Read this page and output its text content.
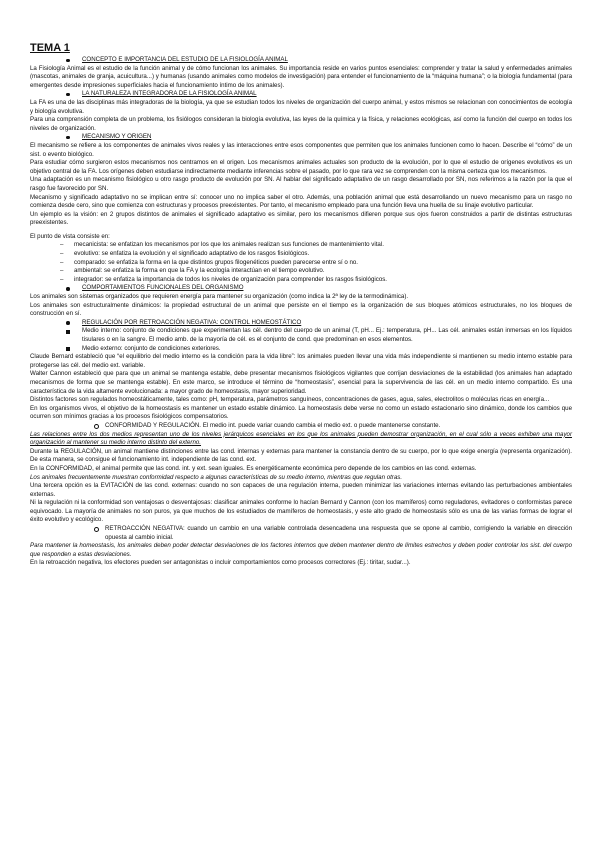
TEMA 1

CONCEPTO E IMPORTANCIA DEL ESTUDIO DE LA FISIOLOGÍA ANIMAL

La Fisiología Animal es el estudio de la función animal y de cómo funcionan los animales. Su importancia reside en varios puntos esenciales: comprender y tratar la salud y enfermedades animales (mascotas, animales de granja, acuicultura...) y humanas (usando animales como modelos de investigación) para entender el funcionamiento de la “máquina humana”; o la biología fundamental (para emergentes desde impresiones superficiales hacia el funcionamiento íntimo de los animales).

LA NATURALEZA INTEGRADORA DE LA FISIOLOGÍA ANIMAL

La FA es una de las disciplinas más integradoras de la biología, ya que se estudian todos los niveles de organización del cuerpo animal, y estos mismos se relacionan con conocimientos de ecología y biología evolutiva.

Para una comprensión completa de un problema, los fisiólogos consideran la biología evolutiva, las leyes de la química y la física, y relaciones ecológicas, así como la función del cuerpo en todos los niveles de organización.

MECANISMO Y ORIGEN

El mecanismo se refiere a los componentes de animales vivos reales y las interacciones entre esos componentes que permiten que los animales funcionen como lo hacen. Describe el “cómo” de un sist. o evento biológico.

Para estudiar cómo surgieron estos mecanismos nos centramos en el origen. Los mecanismos animales actuales son producto de la evolución, por lo que el estudio de orígenes evolutivos es un objetivo central de la FA. Los orígenes deben estudiarse indirectamente mediante inferencias sobre el pasado, por lo que rara vez se comprenden con la misma certeza que los mecanismos.

Una adaptación es un mecanismo fisiológico u otro rasgo producto de evolución por SN. Al hablar del significado adaptativo de un rasgo desarrollado por SN, nos referimos a la razón por la que el rasgo fue favorecido por SN.

Mecanismo y significado adaptativo no se implican entre sí: conocer uno no implica saber el otro. Además, una población animal que está desarrollando un nuevo mecanismo para un rasgo no comienza desde cero, sino que comienza con estructuras y procesos preexistentes. Por tanto, el mecanismo empleado para una función lleva una huella de su linaje evolutivo particular.

Un ejemplo es la visión: en 2 grupos distintos de animales el significado adaptativo es similar, pero los mecanismos difieren porque sus ojos fueron construidos a partir de distintas estructuras preexistentes.

El punto de vista consiste en:

– mecanicista: se enfatizan los mecanismos por los que los animales realizan sus funciones de mantenimiento vital.

– evolutivo: se enfatiza la evolución y el significado adaptativo de los rasgos fisiológicos.

– comparado: se enfatiza la forma en la que distintos grupos filogenéticos pueden parecerse entre sí o no.

– ambiental: se enfatiza la forma en que la FA y la ecología interactúan en el tiempo evolutivo.

– integrador: se enfatiza la importancia de todos los niveles de organización para comprender los rasgos fisiológicos.

COMPORTAMIENTOS FUNCIONALES DEL ORGANISMO

Los animales son sistemas organizados que requieren energía para mantener su organización (como indica la 2ª ley de la termodinámica).

Los animales son estructuralmente dinámicos: la propiedad estructural de un animal que persiste en el tiempo es la organización de sus bloques atómicos estructurales, no los bloques de construcción en sí.

REGULACIÓN POR RETROACCIÓN NEGATIVA: CONTROL HOMEOSTÁTICO

Medio interno: conjunto de condiciones que experimentan las cél. dentro del cuerpo de un animal (T, pH... Ej.: temperatura, pH... Las cél. animales están inmersas en los líquidos tisulares o en la sangre. El medio amb. de la mayoría de cél. es el conjunto de cond. que predominan en esos elementos.

Medio externo: conjunto de condiciones exteriores.

Claude Bernard estableció que “el equilibrio del medio interno es la condición para la vida libre”: los animales pueden llevar una vida más independiente si mantienen su medio interno estable para protegerse las cél. del medio ext. variable.

Walter Cannon estableció que para que un animal se mantenga estable, debe presentar mecanismos fisiológicos vigilantes que corrijan desviaciones de la estabilidad (los animales han adaptado mecanismos de forma que se mantenga estable). En este marco, se introduce el término de “homeostasis”, esencial para la supervivencia de las cél. en un medio interno compartido. Es una característica de la vida altamente evolucionada: a mayor grado de homeostasis, mayor superioridad.

Distintos factores son regulados homeostáticamente, tales como: pH, temperatura, parámetros sanguíneos, concentraciones de gases, agua, sales, electrolitos o moléculas ricas en energía...

En los organismos vivos, el objetivo de la homeostasis es mantener un estado estable dinámico. La homeostasis debe verse no como un estado estacionario sino dinámico, donde los cambios que ocurren son mínimos gracias a los procesos fisiológicos compensatorios.

CONFORMIDAD Y REGULACIÓN. El medio int. puede variar cuando cambia el medio ext. o puede mantenerse constante.

Las relaciones entre los dos medios representan uno de los niveles jerárquicos esenciales en los que los animales pueden demostrar organización, en el cual sólo a veces exhiben una mayor organización al mantener su medio interno distinto del externo.

Durante la REGULACIÓN, un animal mantiene distinciones entre las cond. internas y externas para mantener la constancia dentro de su cuerpo, por lo que exige energía (representa organización). De esta manera, se consigue el funcionamiento int. independiente de las cond. ext.

En la CONFORMIDAD, el animal permite que las cond. int. y ext. sean iguales. Es energéticamente económica pero depende de los cambios en las cond. externas.

Los animales frecuentemente muestran conformidad respecto a algunas características de su medio interno, mientras que regulan otras.

Una tercera opción es la EVITACIÓN de las cond. externas: cuando no son capaces de una regulación interna, pueden minimizar las variaciones internas evitando las perturbaciones ambientales externas.

Ni la regulación ni la conformidad son ventajosas o desventajosas: clasificar animales conforme lo hacían Bernard y Cannon (con los mamíferos) como reguladores, evitadores o conformistas parece equivocado. La mayoría de animales no son puros, ya que muchos de los estudiados de mamíferos de homeostasis, y este alto grado de homeostasis sólo es una de las varias formas de lograr el éxito evolutivo y ecológico.

RETROACCIÓN NEGATIVA: cuando un cambio en una variable controlada desencadena una respuesta que se opone al cambio, corrigiendo la variable en dirección opuesta al cambio inicial.

Para mantener la homeostasis, los animales deben poder detectar desviaciones de los factores internos que deben mantener dentro de límites estrechos y deben poder controlar los sist. del cuerpo que responden a estas desviaciones.

En la retroacción negativa, los efectores pueden ser antagonistas o incluir comportamientos como procesos correctores (Ej.: tiritar, sudar...).
